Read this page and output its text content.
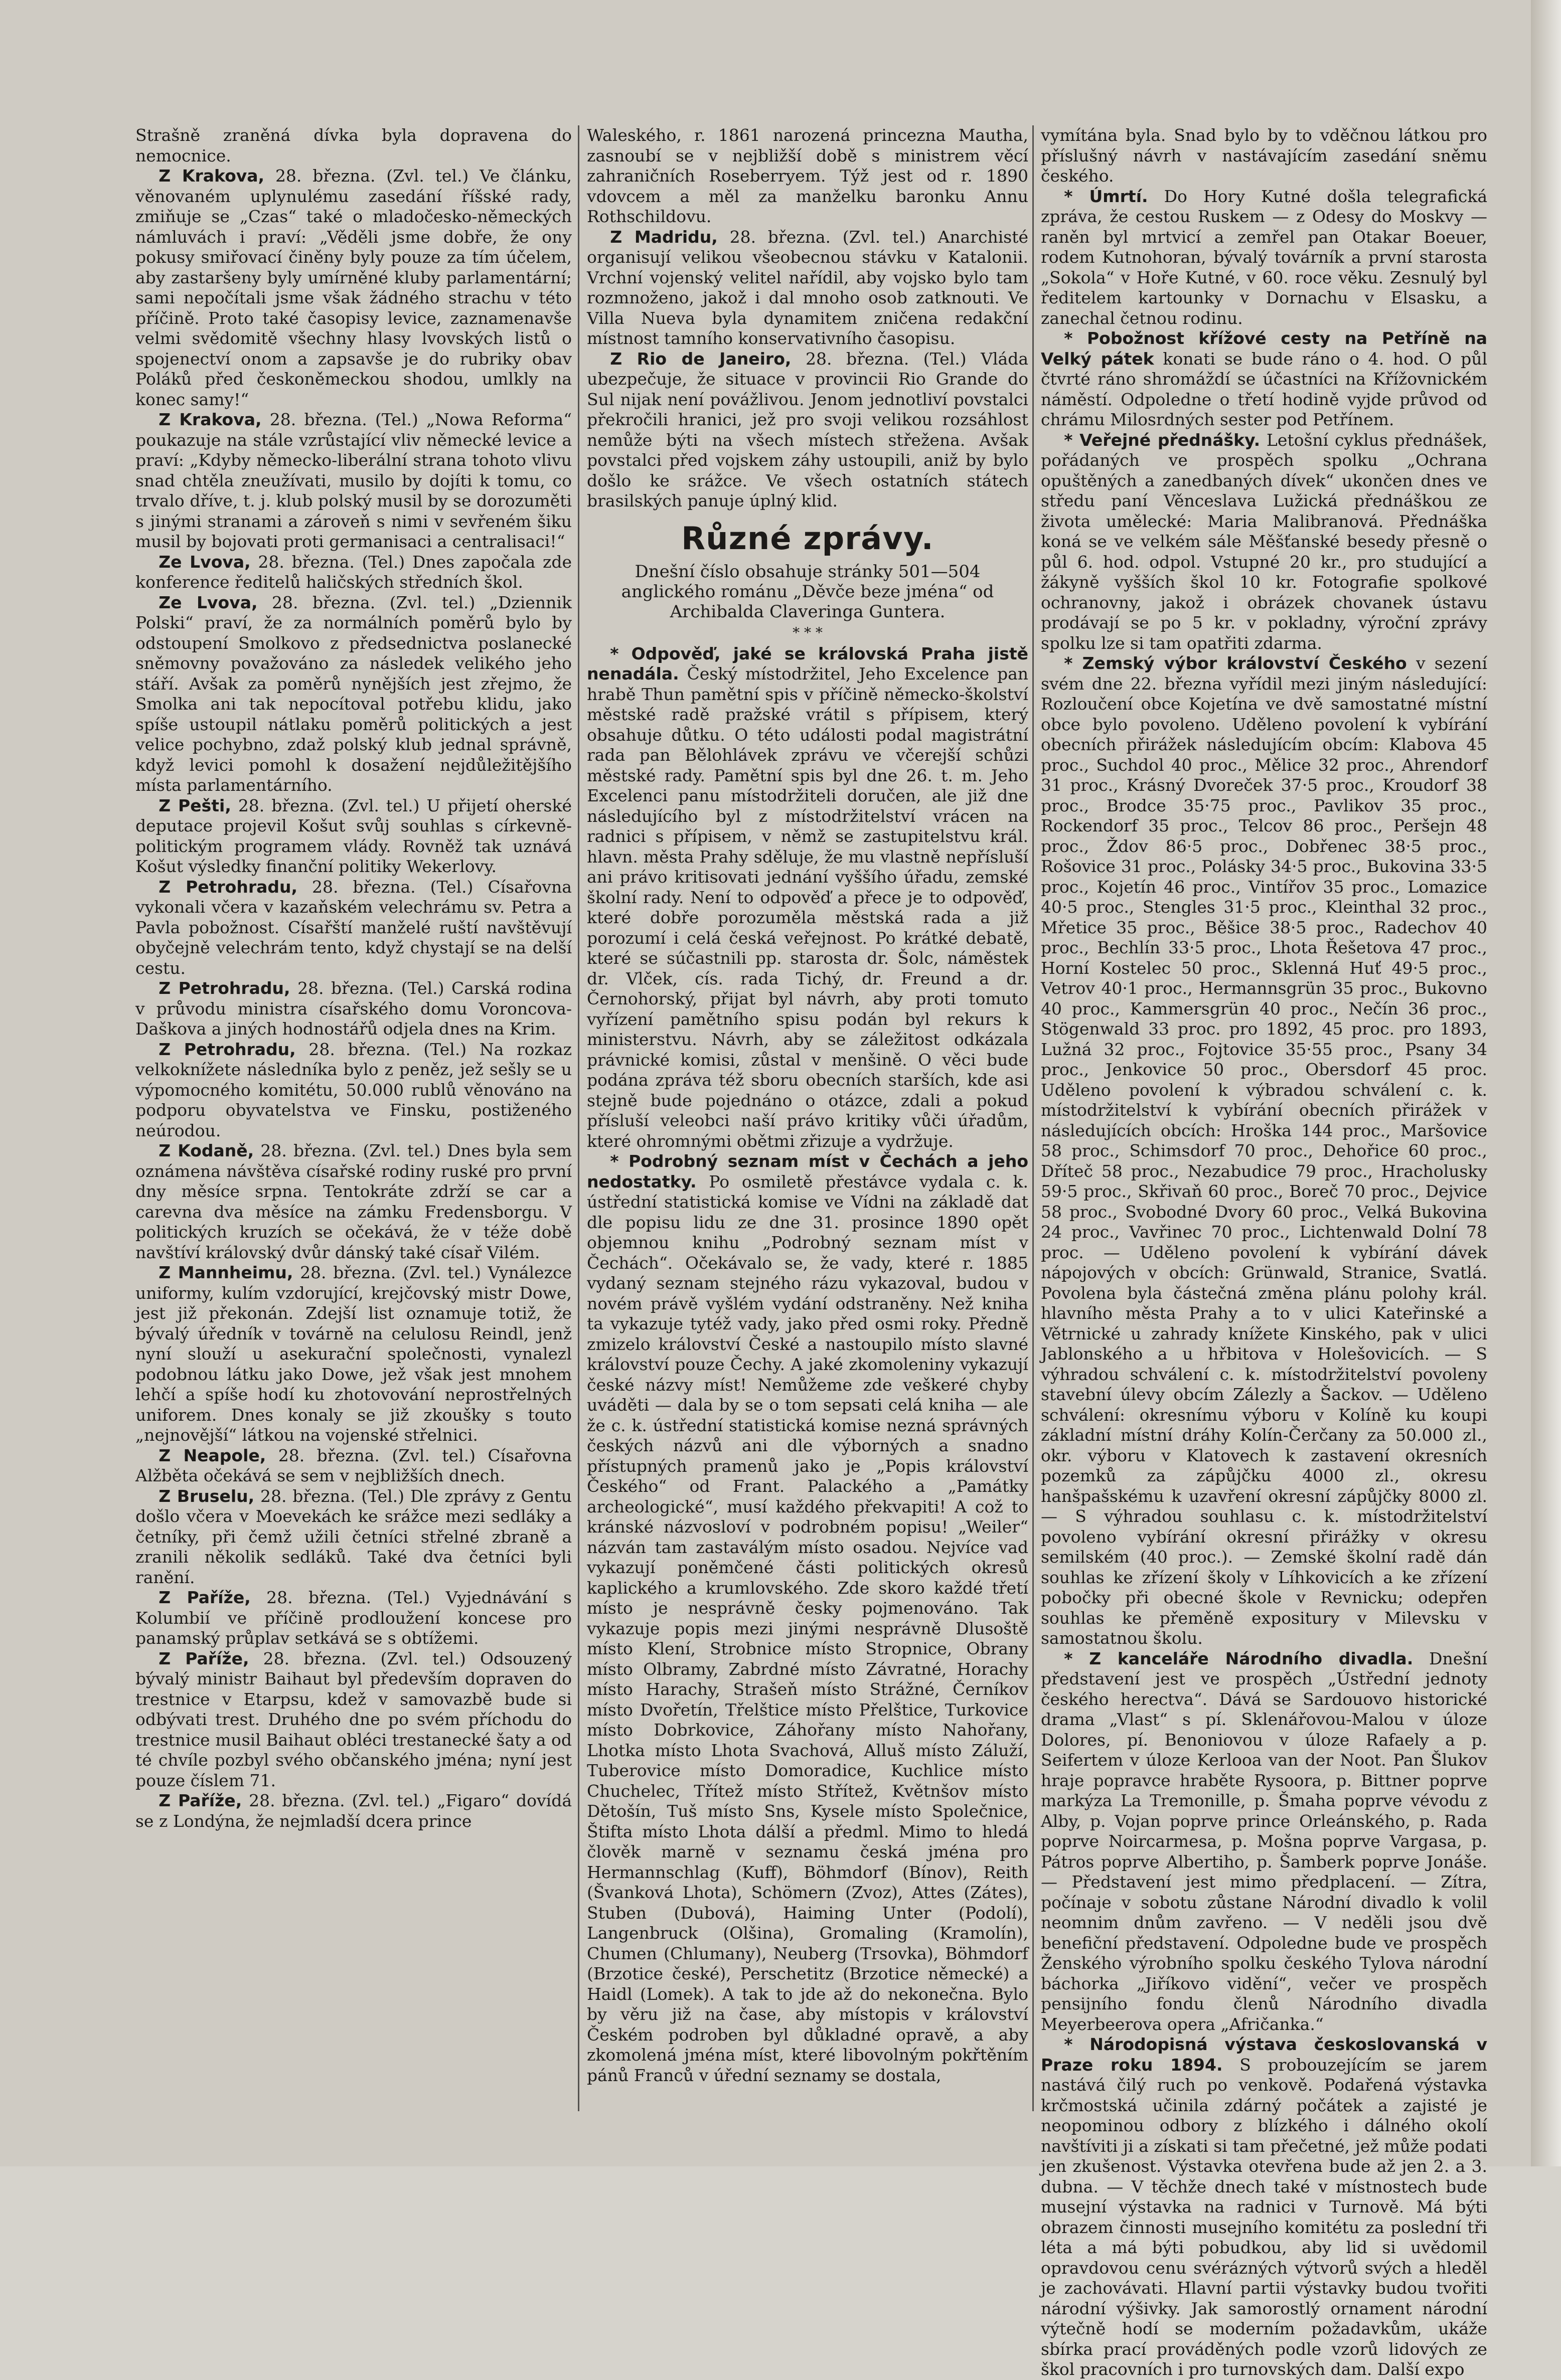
Strašně zraněná dívka byla dopravena do nemocnice.

Z Krakova, 28. března. (Zvl. tel.) Ve článku, věnovaném uplynulému zasedání říšské rady, zmiňuje se „Czas“ také o mladočesko-německých námluvách i praví: „Věděli jsme dobře, že ony pokusy smiřovací činěny byly pouze za tím účelem, aby zastaršeny byly umírněné kluby parlamentární; sami nepočítali jsme však žádného strachu v této příčině. Proto také časopisy levice, zaznamenavše velmi svědomitě všechny hlasy lvovských listů o spojenectví onom a zapsavše je do rubriky obav Poláků před českoněmeckou shodou, umlkly na konec samy!“

Z Krakova, 28. března. (Tel.) „Nowa Reforma“ poukazuje na stále vzrůstající vliv německé levice a praví: „Kdyby německo-liberální strana tohoto vlivu snad chtěla zneužívati, musilo by dojíti k tomu, co trvalo dříve, t. j. klub polský musil by se dorozuměti s jinými stranami a zároveň s nimi v sevřeném šiku musil by bojovati proti germanisaci a centralisaci!“

Ze Lvova, 28. března. (Tel.) Dnes započala zde konference ředitelů haličských středních škol.

Ze Lvova, 28. března. (Zvl. tel.) „Dziennik Polski“ praví, že za normálních poměrů bylo by odstoupení Smolkovo z předsednictva poslanecké sněmovny považováno za následek velikého jeho stáří. Avšak za poměrů nynějších jest zřejmo, že Smolka ani tak nepocítoval potřebu klidu, jako spíše ustoupil nátlaku poměrů politických a jest velice pochybno, zdaž polský klub jednal správně, když levici pomohl k dosažení nejdůležitějšího místa parlamentárního.

Z Pešti, 28. března. (Zvl. tel.) U přijetí oherské deputace projevil Košut svůj souhlas s církevně-politickým programem vlády. Rovněž tak uznává Košut výsledky finanční politiky Wekerlovy.

Z Petrohradu, 28. března. (Tel.) Císařovna vykonali včera v kazaňském velechrámu sv. Petra a Pavla pobožnost. Císařští manželé ruští navštěvují obyčejně velechrám tento, když chystají se na delší cestu.

Z Petrohradu, 28. března. (Tel.) Carská rodina v průvodu ministra císařského domu Voroncova-Daškova a jiných hodnostářů odjela dnes na Krim.

Z Petrohradu, 28. března. (Tel.) Na rozkaz velkoknížete následníka bylo z peněz, jež sešly se u výpomocného komitétu, 50.000 rublů věnováno na podporu obyvatelstva ve Finsku, postiženého neúrodou.

Z Kodaně, 28. března. (Zvl. tel.) Dnes byla sem oznámena návštěva císařské rodiny ruské pro první dny měsíce srpna. Tentokráte zdrží se car a carevna dva měsíce na zámku Fredensborgu. V politických kruzích se očekává, že v téže době navštíví královský dvůr dánský také císař Vilém.

Z Mannheimu, 28. března. (Zvl. tel.) Vynálezce uniformy, kulím vzdorující, krejčovský mistr Dowe, jest již překonán. Zdejší list oznamuje totiž, že bývalý úředník v továrně na celulosu Reindl, jenž nyní slouží u asekurační společnosti, vynalezl podobnou látku jako Dowe, jež však jest mnohem lehčí a spíše hodí ku zhotovování neprostřelných uniforem. Dnes konaly se již zkoušky s touto „nejnovější“ látkou na vojenské střelnici.

Z Neapole, 28. března. (Zvl. tel.) Císařovna Alžběta očekává se sem v nejbližších dnech.

Z Bruselu, 28. března. (Tel.) Dle zprávy z Gentu došlo včera v Moevekách ke srážce mezi sedláky a četníky, při čemž užili četníci střelné zbraně a zranili několik sedláků. Také dva četníci byli ranění.

Z Paříže, 28. března. (Tel.) Vyjednávání s Kolumbií ve příčině prodloužení koncese pro panamský průplav setkává se s obtížemi.

Z Paříže, 28. března. (Zvl. tel.) Odsouzený bývalý ministr Baihaut byl především dopraven do trestnice v Etarpsu, kdež v samovazbě bude si odbývati trest. Druhého dne po svém příchodu do trestnice musil Baihaut obléci trestanecké šaty a od té chvíle pozbyl svého občanského jména; nyní jest pouze číslem 71.

Z Paříže, 28. března. (Zvl. tel.) „Figaro“ dovídá se z Londýna, že nejmladší dcera prince

Waleského, r. 1861 narozená princezna Mautha, zasnoubí se v nejbližší době s ministrem věcí zahraničních Roseberryem. Týž jest od r. 1890 vdovcem a měl za manželku baronku Annu Rothschildovu.

Z Madridu, 28. března. (Zvl. tel.) Anarchisté organisují velikou všeobecnou stávku v Katalonii. Vrchní vojenský velitel nařídil, aby vojsko bylo tam rozmnoženo, jakož i dal mnoho osob zatknouti. Ve Villa Nueva byla dynamitem zničena redakční místnost tamního konservativního časopisu.

Z Rio de Janeiro, 28. března. (Tel.) Vláda ubezpečuje, že situace v provincii Rio Grande do Sul nijak není povážlivou. Jenom jednotliví povstalci překročili hranici, jež pro svoji velikou rozsáhlost nemůže býti na všech místech střežena. Avšak povstalci před vojskem záhy ustoupili, aniž by bylo došlo ke srážce. Ve všech ostatních státech brasilských panuje úplný klid.

Různé zprávy.
Dnešní číslo obsahuje stránky 501—504 anglického románu „Děvče beze jména“ od Archibalda Claveringa Guntera.
* * *

* Odpověď, jaké se královská Praha jistě nenadála. Český místodržitel, Jeho Excelence pan hrabě Thun pamětní spis v příčině německo-školství městské radě pražské vrátil s přípisem, který obsahuje důtku. O této události podal magistrátní rada pan Bělohlávek zprávu ve včerejší schůzi městské rady. Pamětní spis byl dne 26. t. m. Jeho Excelenci panu místodržiteli doručen, ale již dne následujícího byl z místodržitelství vrácen na radnici s přípisem, v němž se zastupitelstvu král. hlavn. města Prahy sděluje, že mu vlastně nepřísluší ani právo kritisovati jednání vyššího úřadu, zemské školní rady. Není to odpověď a přece je to odpověď, které dobře porozuměla městská rada a již porozumí i celá česká veřejnost. Po krátké debatě, které se súčastnili pp. starosta dr. Šolc, náměstek dr. Vlček, cís. rada Tichý, dr. Freund a dr. Černohorský, přijat byl návrh, aby proti tomuto vyřízení pamětního spisu podán byl rekurs k ministerstvu. Návrh, aby se záležitost odkázala právnické komisi, zůstal v menšině. O věci bude podána zpráva též sboru obecních starších, kde asi stejně bude pojednáno o otázce, zdali a pokud přísluší veleobci naší právo kritiky vůči úřadům, které ohromnými obětmi zřizuje a vydržuje.

* Podrobný seznam míst v Čechách a jeho nedostatky. Po osmiletě přestávce vydala c. k. ústřední statistická komise ve Vídni na základě dat dle popisu lidu ze dne 31. prosince 1890 opět objemnou knihu „Podrobný seznam míst v Čechách“. Očekávalo se, že vady, které r. 1885 vydaný seznam stejného rázu vykazoval, budou v novém právě vyšlém vydání odstraněny. Než kniha ta vykazuje tytéž vady, jako před osmi roky. Předně zmizelo království České a nastoupilo místo slavné království pouze Čechy. A jaké zkomoleniny vykazují české názvy míst! Nemůžeme zde veškeré chyby uváděti — dala by se o tom sepsati celá kniha — ale že c. k. ústřední statistická komise nezná správných českých názvů ani dle výborných a snadno přístupných pramenů jako je „Popis království Českého“ od Frant. Palackého a „Památky archeologické“, musí každého překvapiti! A což to kránské názvosloví v podrobném popisu! „Weiler“ názván tam zastaválým místo osadou. Nejvíce vad vykazují poněmčené části politických okresů kaplického a krumlovského. Zde skoro každé třetí místo je nesprávně česky pojmenováno. Tak vykazuje popis mezi jinými nesprávně Dlusoště místo Klení, Strobnice místo Stropnice, Obrany místo Olbramy, Zabrdné místo Závratné, Horachy místo Harachy, Strašeň místo Strážné, Černíkov místo Dvořetín, Třelštice místo Přelštice, Turkovice místo Dobrkovice, Záhořany místo Nahořany, Lhotka místo Lhota Svachová, Alluš místo Záluží, Tuberovice místo Domoradice, Kuchlice místo Chuchelec, Třítež místo Střítež, Květnšov místo Dětošín, Tuš místo Sns, Kysele místo Společnice, Štifta místo Lhota dálší a předml. Mimo to hledá člověk marně v seznamu česká jména pro Hermannschlag (Kuff), Böhmdorf (Bínov), Reith (Švanková Lhota), Schömern (Zvoz), Attes (Zátes), Stuben (Dubová), Haiming Unter (Podolí), Langenbruck (Olšina), Gromaling (Kramolín), Chumen (Chlumany), Neuberg (Trsovka), Böhmdorf (Brzotice české), Perschetitz (Brzotice německé) a Haidl (Lomek). A tak to jde až do nekonečna. Bylo by věru již na čase, aby místopis v království Českém podroben byl důkladné opravě, a aby zkomolená jména míst, které libovolným pokřtěním pánů Franců v úřední seznamy se dostala,

vymítána byla. Snad bylo by to vděčnou látkou pro příslušný návrh v nastávajícím zasedání sněmu českého.

* Úmrtí. Do Hory Kutné došla telegrafická zpráva, že cestou Ruskem — z Odesy do Moskvy — raněn byl mrtvicí a zemřel pan Otakar Boeuer, rodem Kutnohoran, bývalý továrník a první starosta „Sokola“ v Hoře Kutné, v 60. roce věku. Zesnulý byl ředitelem kartounky v Dornachu v Elsasku, a zanechal četnou rodinu.

* Pobožnost křížové cesty na Petříně na Velký pátek konati se bude ráno o 4. hod. O půl čtvrté ráno shromáždí se účastníci na Křížovnickém náměstí. Odpoledne o třetí hodině vyjde průvod od chrámu Milosrdných sester pod Petřínem.

* Veřejné přednášky. Letošní cyklus přednášek, pořádaných ve prospěch spolku „Ochrana opuštěných a zanedbaných dívek“ ukončen dnes ve středu paní Věnceslava Lužická přednáškou ze života umělecké: Maria Malibranová. Přednáška koná se ve velkém sále Měšťanské besedy přesně o půl 6. hod. odpol. Vstupné 20 kr., pro studující a žákyně vyšších škol 10 kr. Fotografie spolkové ochranovny, jakož i obrázek chovanek ústavu prodávají se po 5 kr. v pokladny, výroční zprávy spolku lze si tam opatřiti zdarma.

* Zemský výbor království Českého v sezení svém dne 22. března vyřídil mezi jiným následující: Rozloučení obce Kojetína ve dvě samostatné místní obce bylo povoleno. Uděleno povolení k vybírání obecních přirážek následujícím obcím: Klabova 45 proc., Suchdol 40 proc., Mělice 32 proc., Ahrendorf 31 proc., Krásný Dvoreček 37·5 proc., Kroudorf 38 proc., Brodce 35·75 proc., Pavlikov 35 proc., Rockendorf 35 proc., Telcov 86 proc., Peršejn 48 proc., Ždov 86·5 proc., Dobřenec 38·5 proc., Rošovice 31 proc., Polásky 34·5 proc., Bukovina 33·5 proc., Kojetín 46 proc., Vintířov 35 proc., Lomazice 40·5 proc., Stengles 31·5 proc., Kleinthal 32 proc., Mřetice 35 proc., Běšice 38·5 proc., Radechov 40 proc., Bechlín 33·5 proc., Lhota Řešetova 47 proc., Horní Kostelec 50 proc., Sklenná Huť 49·5 proc., Vetrov 40·1 proc., Hermannsgrün 35 proc., Bukovno 40 proc., Kammersgrün 40 proc., Nečín 36 proc., Stögenwald 33 proc. pro 1892, 45 proc. pro 1893, Lužná 32 proc., Fojtovice 35·55 proc., Psany 34 proc., Jenkovice 50 proc., Obersdorf 45 proc. Uděleno povolení k výbradou schválení c. k. místodržitelství k vybírání obecních přirážek v následujících obcích: Hroška 144 proc., Maršovice 58 proc., Schimsdorf 70 proc., Dehořice 60 proc., Dříteč 58 proc., Nezabudice 79 proc., Hracholusky 59·5 proc., Skřivaň 60 proc., Boreč 70 proc., Dejvice 58 proc., Svobodné Dvory 60 proc., Velká Bukovina 24 proc., Vavřinec 70 proc., Lichtenwald Dolní 78 proc. — Uděleno povolení k vybírání dávek nápojových v obcích: Grünwald, Stranice, Svatlá. Povolena byla částečná změna plánu polohy král. hlavního města Prahy a to v ulici Kateřinské a Větrnické u zahrady knížete Kinského, pak v ulici Jablonského a u hřbitova v Holešovicích. — S výhradou schválení c. k. místodržitelství povoleny stavební úlevy obcím Zálezly a Šackov. — Uděleno schválení: okresnímu výboru v Kolíně ku koupi základní místní dráhy Kolín-Čerčany za 50.000 zl., okr. výboru v Klatovech k zastavení okresních pozemků za zápůjčku 4000 zl., okresu hanšpašskému k uzavření okresní zápůjčky 8000 zl. — S výhradou souhlasu c. k. místodržitelství povoleno vybírání okresní přirážky v okresu semilském (40 proc.). — Zemské školní radě dán souhlas ke zřízení školy v Líhkovicích a ke zřízení pobočky při obecné škole v Revnicku; odepřen souhlas ke přeměně expositury v Milevsku v samostatnou školu.

* Z kanceláře Národního divadla. Dnešní představení jest ve prospěch „Ústřední jednoty českého herectva“. Dává se Sardouovo historické drama „Vlast“ s pí. Sklenářovou-Malou v úloze Dolores, pí. Benoniovou v úloze Rafaely a p. Seifertem v úloze Kerlooa van der Noot. Pan Šlukov hraje popravce hraběte Rysoora, p. Bittner poprve markýza La Tremonille, p. Šmaha poprve vévodu z Alby, p. Vojan poprve prince Orleánského, p. Rada poprve Noircarmesa, p. Mošna poprve Vargasa, p. Pátros poprve Albertiho, p. Šamberk poprve Jonáše. — Představení jest mimo předplacení. — Zítra, počínaje v sobotu zůstane Národní divadlo k volil neomnim dnům zavřeno. — V neděli jsou dvě benefiční představení. Odpoledne bude ve prospěch Ženského výrobního spolku českého Tylova národní báchorka „Jiříkovo vidění“, večer ve prospěch pensijního fondu členů Národního divadla Meyerbeerova opera „Afričanka.“

* Národopisná výstava českoslovanská v Praze roku 1894. S probouzejícím se jarem nastává čilý ruch po venkově. Podařená výstavka krčmostská učinila zdárný počátek a zajisté je neopominou odbory z blízkého i dálného okolí navštíviti ji a získati si tam přečetné, jež může podati jen zkušenost. Výstavka otevřena bude až jen 2. a 3. dubna. — V těchže dnech také v místnostech bude musejní výstavka na radnici v Turnově. Má býti obrazem činnosti musejního komitétu za poslední tři léta a má býti pobudkou, aby lid si uvědomil opravdovou cenu svérázných výtvorů svých a hleděl je zachovávati. Hlavní partii výstavky budou tvořiti národní výšivky. Jak samorostlý ornament národní výtečně hodí se moderním požadavkům, ukáže sbírka prací prováděných podle vzorů lidových ze škol pracovních i pro turnovských dam. Další expo
